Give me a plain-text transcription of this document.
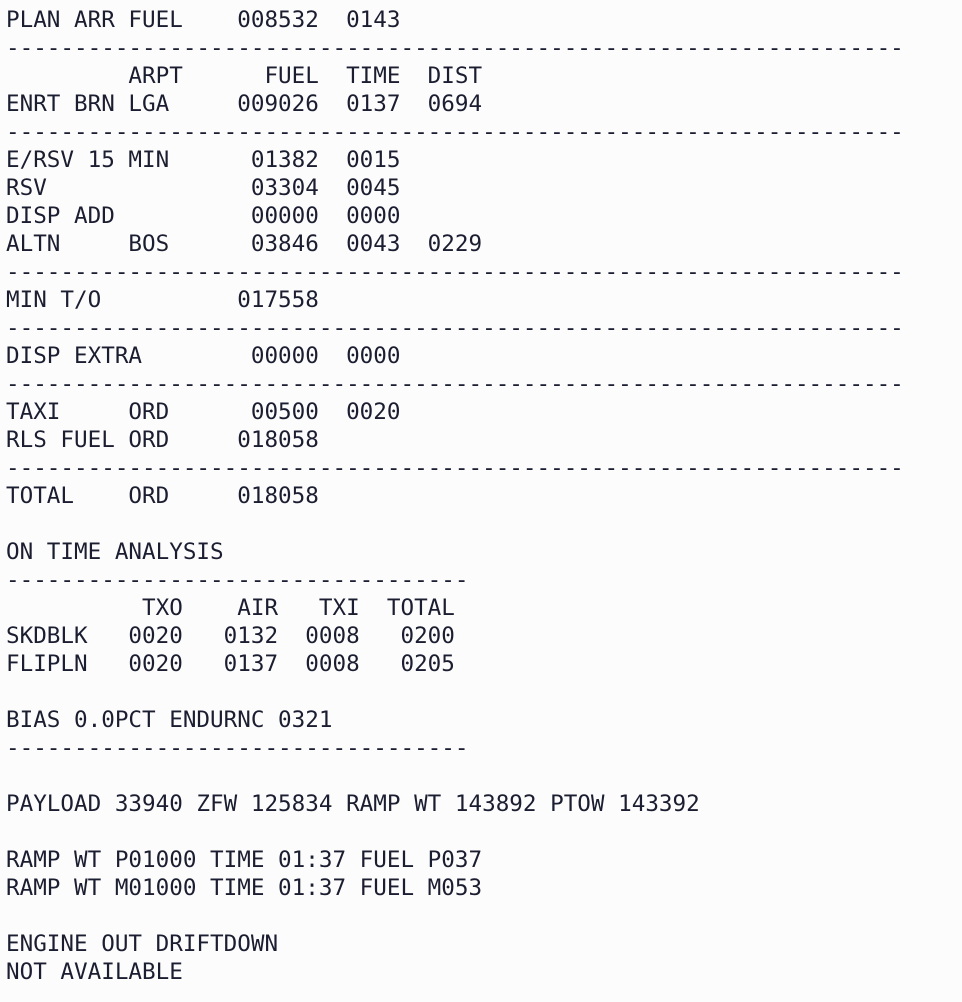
PLAN ARR FUEL    008532  0143
------------------------------------------------------------------
ARPT      FUEL  TIME  DIST
ENRT BRN LGA     009026  0137  0694
------------------------------------------------------------------
E/RSV 15 MIN      01382  0015
RSV               03304  0045
DISP ADD          00000  0000
ALTN     BOS      03846  0043  0229
------------------------------------------------------------------
MIN T/O          017558
------------------------------------------------------------------
DISP EXTRA        00000  0000
------------------------------------------------------------------
TAXI     ORD      00500  0020
RLS FUEL ORD     018058
------------------------------------------------------------------
TOTAL    ORD     018058
ON TIME ANALYSIS
----------------------------------
TXO    AIR   TXI  TOTAL
SKDBLK   0020   0132  0008   0200
FLIPLN   0020   0137  0008   0205
BIAS 0.0PCT ENDURNC 0321
----------------------------------
PAYLOAD 33940 ZFW 125834 RAMP WT 143892 PTOW 143392
RAMP WT P01000 TIME 01:37 FUEL P037
RAMP WT M01000 TIME 01:37 FUEL M053
ENGINE OUT DRIFTDOWN
NOT AVAILABLE
